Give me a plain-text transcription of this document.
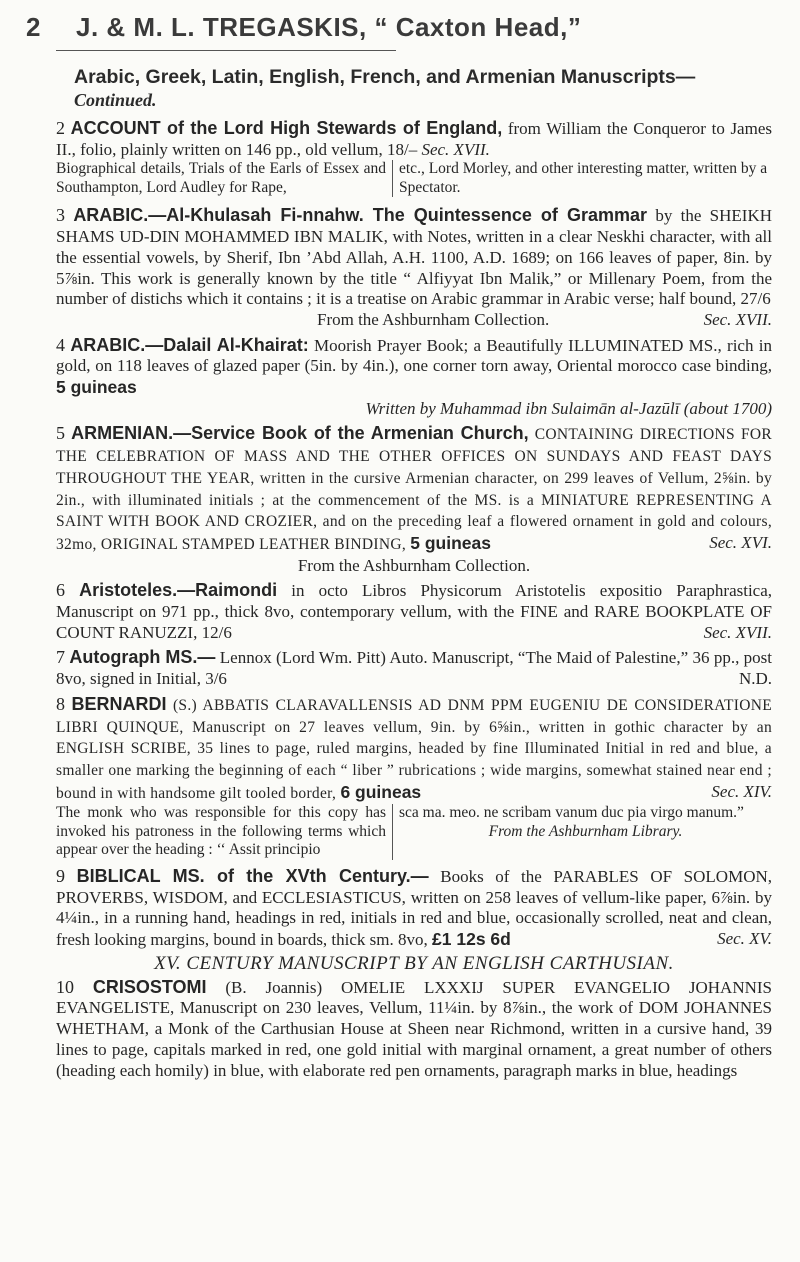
2 J. & M. L. TREGASKIS, “ Caxton Head,”
Arabic, Greek, Latin, English, French, and Armenian Manuscripts—Continued.

2 ACCOUNT of the Lord High Stewards of England, from William the Conqueror to James II., folio, plainly written on 146 pp., old vellum, 18/– Sec. XVII.

Biographical details, Trials of the Earls of Essex and Southampton, Lord Audley for Rape,
etc., Lord Morley, and other interesting matter, written by a Spectator.

3 ARABIC.—Al-Khulasah Fi-nnahw. The Quintessence of Grammar by the SHEIKH SHAMS UD-DIN MOHAMMED IBN MALIK, with Notes, written in a clear Neskhi character, with all the essential vowels, by Sherif, Ibn ’Abd Allah, A.H. 1100, A.D. 1689; on 166 leaves of paper, 8in. by 5⅞in. This work is generally known by the title “ Alfiyyat Ibn Malik,” or Millenary Poem, from the number of distichs which it contains ; it is a treatise on Arabic grammar in Arabic verse; half bound, 27/6
From the Ashburnham Collection.	Sec. XVII.

4 ARABIC.—Dalail Al-Khairat: Moorish Prayer Book; a Beautifully ILLUMINATED MS., rich in gold, on 118 leaves of glazed paper (5in. by 4in.), one corner torn away, Oriental morocco case binding, 5 guineas
Written by Muhammad ibn Sulaimān al-Jazūlī (about 1700)

5 ARMENIAN.—Service Book of the Armenian Church, CONTAINING DIRECTIONS FOR THE CELEBRATION OF MASS AND THE OTHER OFFICES ON SUNDAYS AND FEAST DAYS THROUGHOUT THE YEAR, written in the cursive Armenian character, on 299 leaves of Vellum, 2⅝in. by 2in., with illuminated initials ; at the commencement of the MS. is a MINIATURE REPRESENTING A SAINT WITH BOOK AND CROZIER, and on the preceding leaf a flowered ornament in gold and colours, 32mo, ORIGINAL STAMPED LEATHER BINDING, 5 guineas	Sec. XVI.
From the Ashburnham Collection.

6 Aristoteles.—Raimondi in octo Libros Physicorum Aristotelis expositio Paraphrastica, Manuscript on 971 pp., thick 8vo, contemporary vellum, with the FINE and RARE BOOKPLATE OF COUNT RANUZZI, 12/6	Sec. XVII.

7 Autograph MS.— Lennox (Lord Wm. Pitt) Auto. Manuscript, “The Maid of Palestine,” 36 pp., post 8vo, signed in Initial, 3/6	N.D.

8 BERNARDI (S.) ABBATIS CLARAVALLENSIS AD DNM PPM EUGENIU DE CONSIDERATIONE LIBRI QUINQUE, Manuscript on 27 leaves vellum, 9in. by 6⅝in., written in gothic character by an ENGLISH SCRIBE, 35 lines to page, ruled margins, headed by fine Illuminated Initial in red and blue, a smaller one marking the beginning of each “ liber ” rubrications ; wide margins, somewhat stained near end ; bound in with handsome gilt tooled border, 6 guineas	Sec. XIV.

The monk who was responsible for this copy has invoked his patroness in the following terms which appear over the heading : ‘‘ Assit principio
sca ma. meo. ne scribam vanum duc pia virgo manum.”
From the Ashburnham Library.

9 BIBLICAL MS. of the XVth Century.— Books of the PARABLES OF SOLOMON, PROVERBS, WISDOM, and ECCLESIASTICUS, written on 258 leaves of vellum-like paper, 6⅞in. by 4¼in., in a running hand, headings in red, initials in red and blue, occasionally scrolled, neat and clean, fresh looking margins, bound in boards, thick sm. 8vo, £1 12s 6d	Sec. XV.

XV. CENTURY MANUSCRIPT BY AN ENGLISH CARTHUSIAN.

10 CRISOSTOMI (B. Joannis) OMELIE LXXXIJ SUPER EVANGELIO JOHANNIS EVANGELISTE, Manuscript on 230 leaves, Vellum, 11¼in. by 8⅞in., the work of DOM JOHANNES WHETHAM, a Monk of the Carthusian House at Sheen near Richmond, written in a cursive hand, 39 lines to page, capitals marked in red, one gold initial with marginal ornament, a great number of others (heading each homily) in blue, with elaborate red pen ornaments, paragraph marks in blue, headings
